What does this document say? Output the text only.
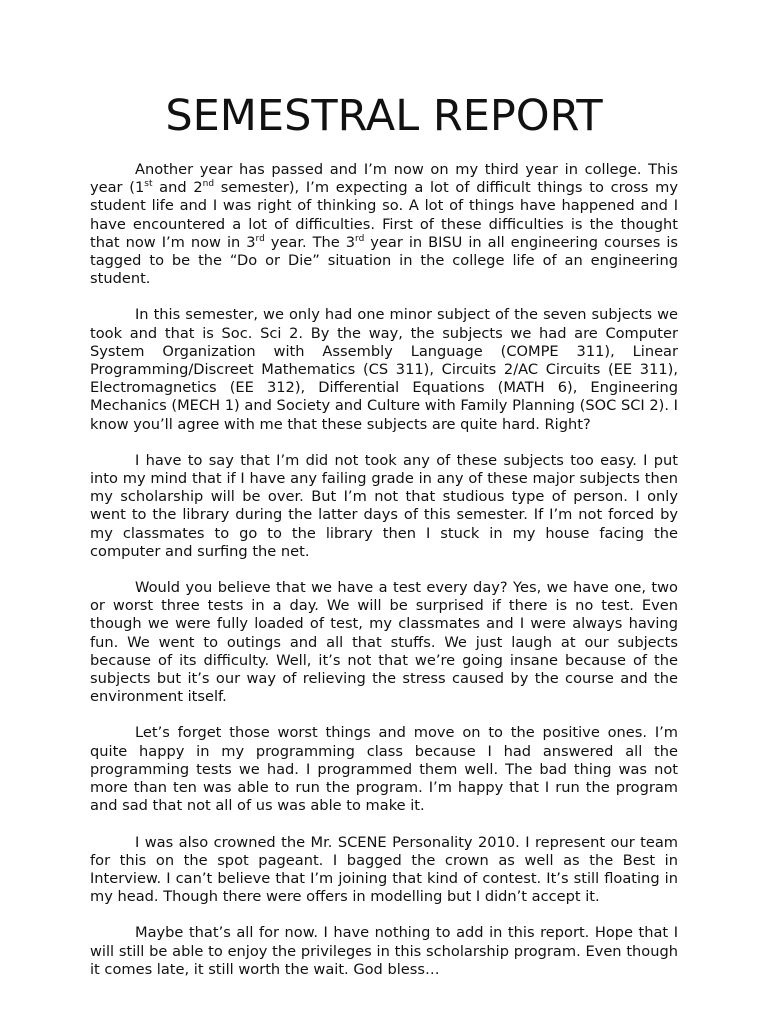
SEMESTRAL REPORT

Another year has passed and I’m now on my third year in college. This year (1st and 2nd semester), I’m expecting a lot of difficult things to cross my student life and I was right of thinking so. A lot of things have happened and I have encountered a lot of difficulties. First of these difficulties is the thought that now I’m now in 3rd year. The 3rd year in BISU in all engineering courses is tagged to be the “Do or Die” situation in the college life of an engineering student.

In this semester, we only had one minor subject of the seven subjects we took and that is Soc. Sci 2. By the way, the subjects we had are Computer System Organization with Assembly Language (COMPE 311), Linear Programming/Discreet Mathematics (CS 311), Circuits 2/AC Circuits (EE 311), Electromagnetics (EE 312), Differential Equations (MATH 6), Engineering Mechanics (MECH 1) and Society and Culture with Family Planning (SOC SCI 2). I know you’ll agree with me that these subjects are quite hard. Right?

I have to say that I’m did not took any of these subjects too easy. I put into my mind that if I have any failing grade in any of these major subjects then my scholarship will be over. But I’m not that studious type of person. I only went to the library during the latter days of this semester. If I’m not forced by my classmates to go to the library then I stuck in my house facing the computer and surfing the net.

Would you believe that we have a test every day? Yes, we have one, two or worst three tests in a day. We will be surprised if there is no test. Even though we were fully loaded of test, my classmates and I were always having fun. We went to outings and all that stuffs. We just laugh at our subjects because of its difficulty. Well, it’s not that we’re going insane because of the subjects but it’s our way of relieving the stress caused by the course and the environment itself.

Let’s forget those worst things and move on to the positive ones. I’m quite happy in my programming class because I had answered all the programming tests we had. I programmed them well. The bad thing was not more than ten was able to run the program. I’m happy that I run the program and sad that not all of us was able to make it.

I was also crowned the Mr. SCENE Personality 2010. I represent our team for this on the spot pageant. I bagged the crown as well as the Best in Interview. I can’t believe that I’m joining that kind of contest. It’s still floating in my head. Though there were offers in modelling but I didn’t accept it.

Maybe that’s all for now. I have nothing to add in this report. Hope that I will still be able to enjoy the privileges in this scholarship program. Even though it comes late, it still worth the wait. God bless…
